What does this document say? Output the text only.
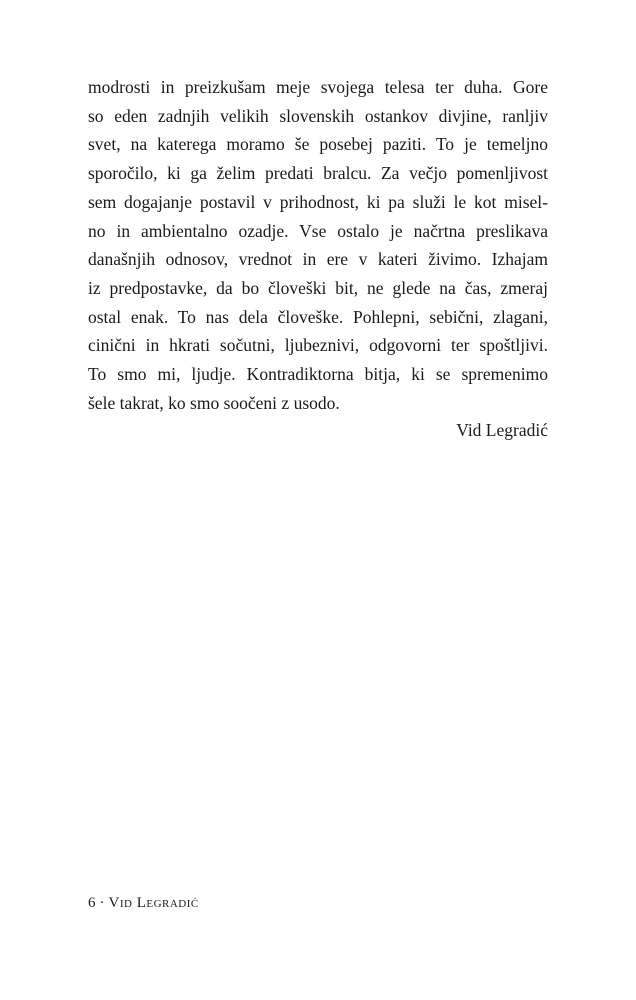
modrosti in preizkušam meje svojega telesa ter duha. Gore
so eden zadnjih velikih slovenskih ostankov divjine, ranljiv
svet, na katerega moramo še posebej paziti. To je temeljno
sporočilo, ki ga želim predati bralcu. Za večjo pomenljivost
sem dogajanje postavil v prihodnost, ki pa služi le kot misel-
no in ambientalno ozadje. Vse ostalo je načrtna preslikava
današnjih odnosov, vrednot in ere v kateri živimo. Izhajam
iz predpostavke, da bo človeški bit, ne glede na čas, zmeraj
ostal enak. To nas dela človeške. Pohlepni, sebični, zlagani,
cinični in hkrati sočutni, ljubeznivi, odgovorni ter spoštljivi.
To smo mi, ljudje. Kontradiktorna bitja, ki se spremenimo
šele takrat, ko smo soočeni z usodo.
Vid Legradić
6 · Vid Legradić
